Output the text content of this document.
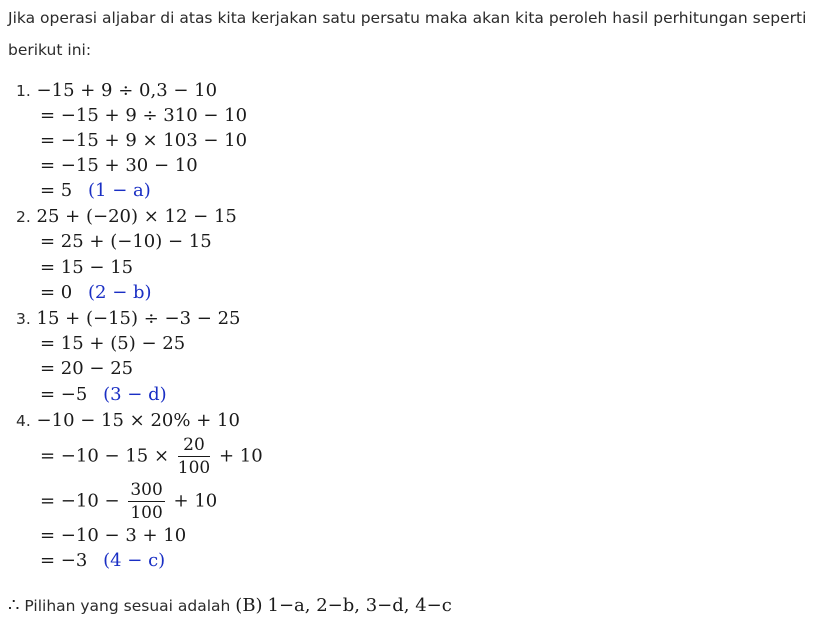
Jika operasi aljabar di atas kita kerjakan satu persatu maka akan kita peroleh hasil perhitungan seperti berikut ini:
1. −15 + 9 ÷ 0,3 − 10
= −15 + 9 ÷ 310 − 10
= −15 + 9 × 103 − 10
= −15 + 30 − 10
= 5 (1 − a)
2. 25 + (−20) × 12 − 15
= 25 + (−10) − 15
= 15 − 15
= 0 (2 − b)
3. 15 + (−15) ÷ −3 − 25
= 15 + (5) − 25
= 20 − 25
= −5 (3 − d)
4. −10 − 15 × 20% + 10
= $-10 - 15 \times \frac{20}{100} + 10$
= $-10 - \frac{300}{100} + 10$
= −10 − 3 + 10
= −3 (4 − c)
∴ Pilihan yang sesuai adalah (B) 1−a, 2−b, 3−d, 4−c
